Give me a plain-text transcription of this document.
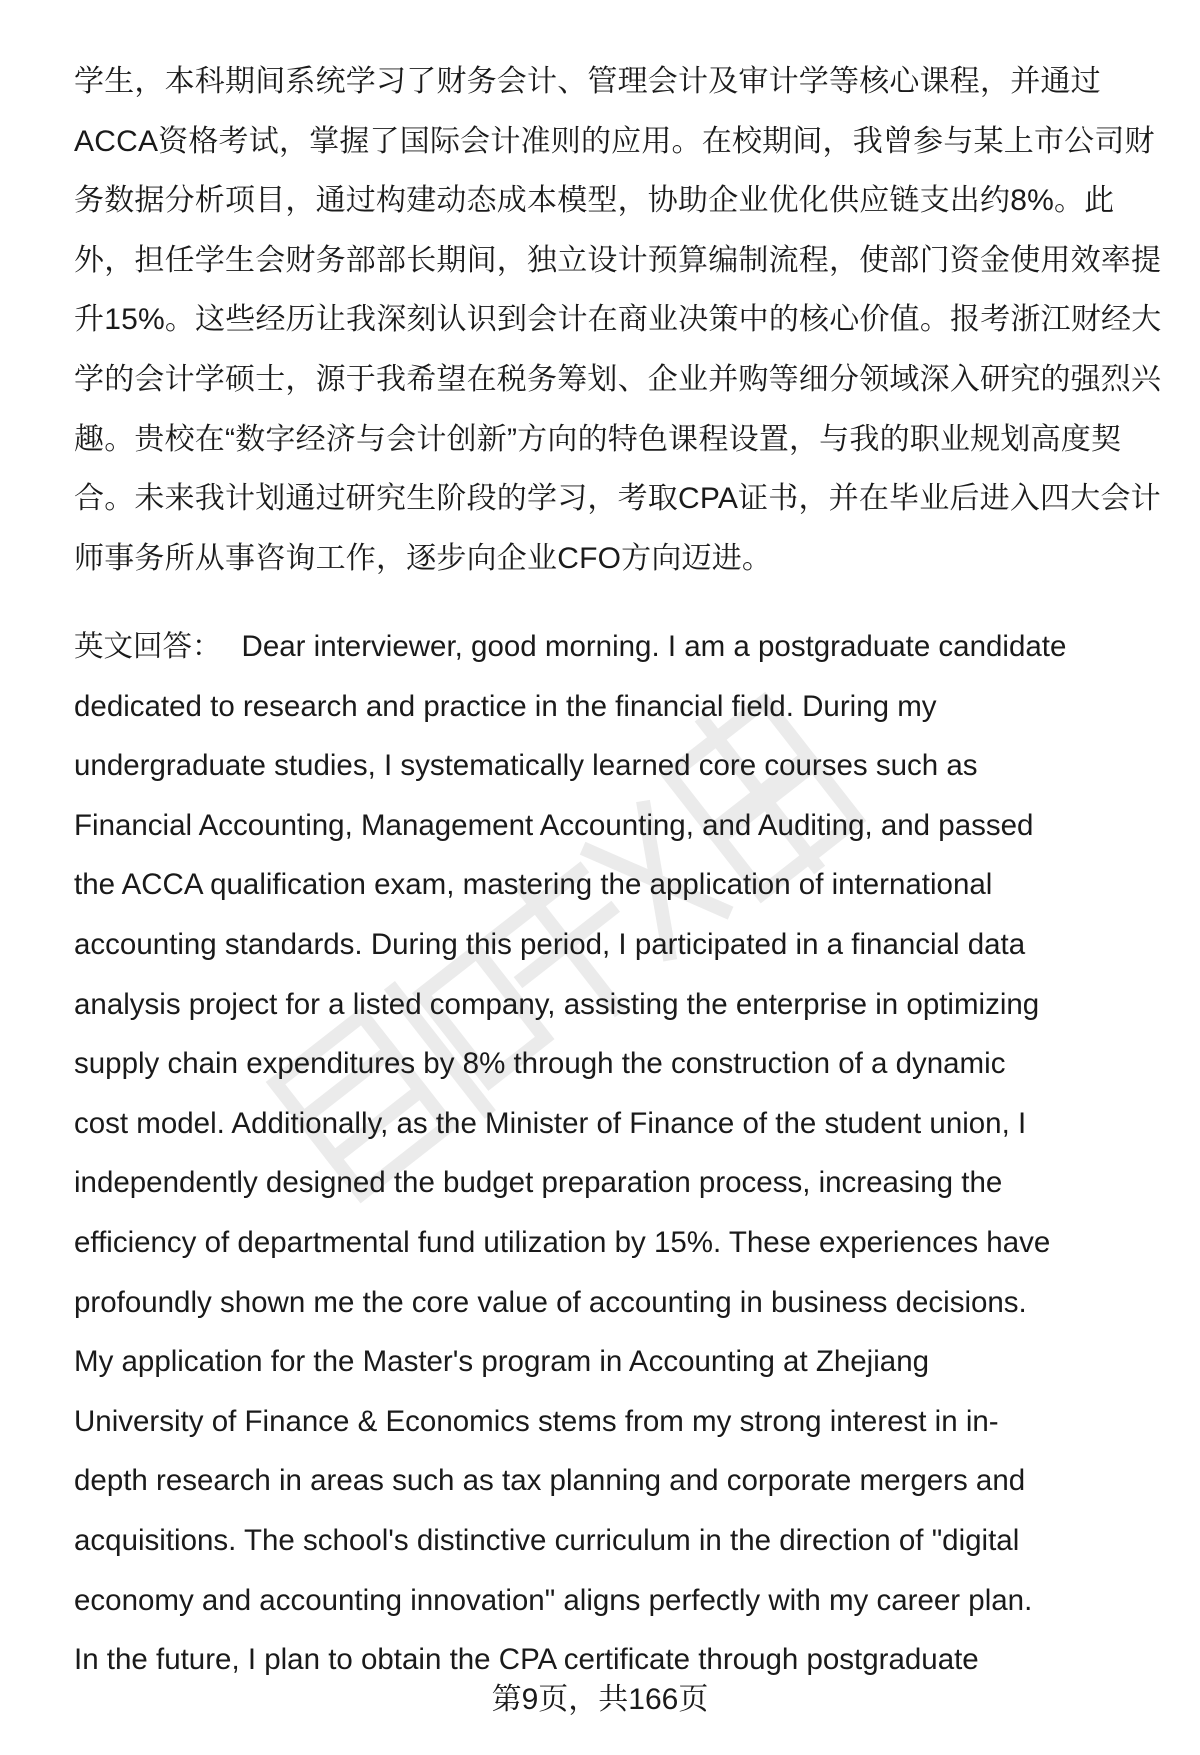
学生，本科期间系统学习了财务会计、管理会计及审计学等核心课程，并通过
ACCA资格考试，掌握了国际会计准则的应用。在校期间，我曾参与某上市公司财
务数据分析项目，通过构建动态成本模型，协助企业优化供应链支出约8%。此
外，担任学生会财务部部长期间，独立设计预算编制流程，使部门资金使用效率提
升15%。这些经历让我深刻认识到会计在商业决策中的核心价值。报考浙江财经大
学的会计学硕士，源于我希望在税务筹划、企业并购等细分领域深入研究的强烈兴
趣。贵校在“数字经济与会计创新”方向的特色课程设置，与我的职业规划高度契
合。未来我计划通过研究生阶段的学习，考取CPA证书，并在毕业后进入四大会计
师事务所从事咨询工作，逐步向企业CFO方向迈进。
英文回答： Dear interviewer, good morning. I am a postgraduate candidate
dedicated to research and practice in the financial field. During my
undergraduate studies, I systematically learned core courses such as
Financial Accounting, Management Accounting, and Auditing, and passed
the ACCA qualification exam, mastering the application of international
accounting standards. During this period, I participated in a financial data
analysis project for a listed company, assisting the enterprise in optimizing
supply chain expenditures by 8% through the construction of a dynamic
cost model. Additionally, as the Minister of Finance of the student union, I
independently designed the budget preparation process, increasing the
efficiency of departmental fund utilization by 15%. These experiences have
profoundly shown me the core value of accounting in business decisions.
My application for the Master's program in Accounting at Zhejiang
University of Finance & Economics stems from my strong interest in in-
depth research in areas such as tax planning and corporate mergers and
acquisitions. The school's distinctive curriculum in the direction of "digital
economy and accounting innovation" aligns perfectly with my career plan.
In the future, I plan to obtain the CPA certificate through postgraduate
第9页，共166页
